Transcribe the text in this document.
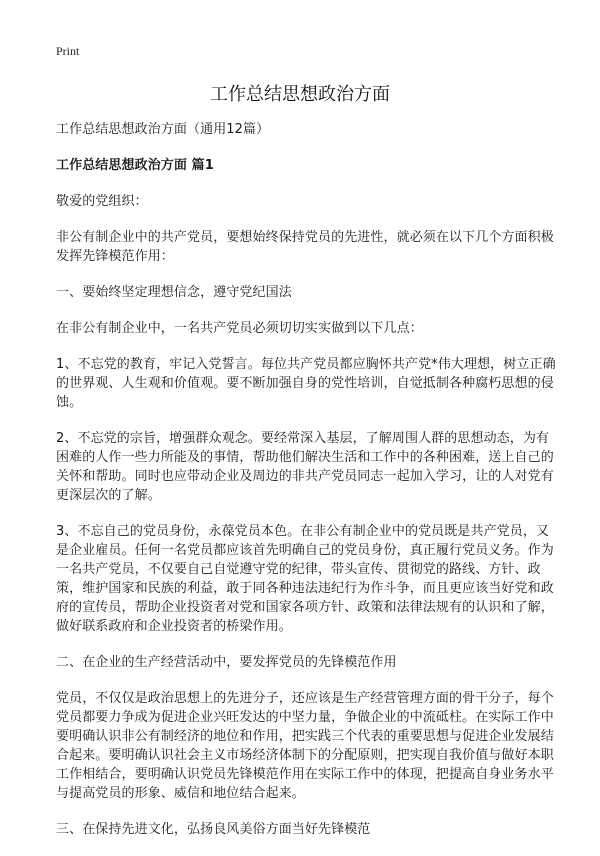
Print
工作总结思想政治方面

工作总结思想政治方面（通用12篇）

工作总结思想政治方面 篇1

敬爱的党组织：

非公有制企业中的共产党员，要想始终保持党员的先进性，就必须在以下几个方面积极发挥先锋模范作用：

一、要始终坚定理想信念，遵守党纪国法

在非公有制企业中，一名共产党员必须切切实实做到以下几点：

1、不忘党的教育，牢记入党誓言。每位共产党员都应胸怀共产党*伟大理想，树立正确的世界观、人生观和价值观。要不断加强自身的党性培训，自觉抵制各种腐朽思想的侵蚀。

2、不忘党的宗旨，增强群众观念。要经常深入基层，了解周围人群的思想动态，为有困难的人作一些力所能及的事情，帮助他们解决生活和工作中的各种困难，送上自己的关怀和帮助。同时也应带动企业及周边的非共产党员同志一起加入学习，让的人对党有更深层次的了解。

3、不忘自己的党员身份，永葆党员本色。在非公有制企业中的党员既是共产党员，又是企业雇员。任何一名党员都应该首先明确自己的党员身份，真正履行党员义务。作为一名共产党员，不仅要自己自觉遵守党的纪律，带头宣传、贯彻党的路线、方针、政策，维护国家和民族的利益，敢于同各种违法违纪行为作斗争，而且更应该当好党和政府的宣传员，帮助企业投资者对党和国家各项方针、政策和法律法规有的认识和了解，做好联系政府和企业投资者的桥梁作用。

二、在企业的生产经营活动中，要发挥党员的先锋模范作用

党员，不仅仅是政治思想上的先进分子，还应该是生产经营管理方面的骨干分子，每个党员都要力争成为促进企业兴旺发达的中坚力量，争做企业的中流砥柱。在实际工作中要明确认识非公有制经济的地位和作用，把实践三个代表的重要思想与促进企业发展结合起来。要明确认识社会主义市场经济体制下的分配原则，把实现自我价值与做好本职工作相结合，要明确认识党员先锋模范作用在实际工作中的体现，把提高自身业务水平与提高党员的形象、威信和地位结合起来。

三、在保持先进文化，弘扬良风美俗方面当好先锋模范
